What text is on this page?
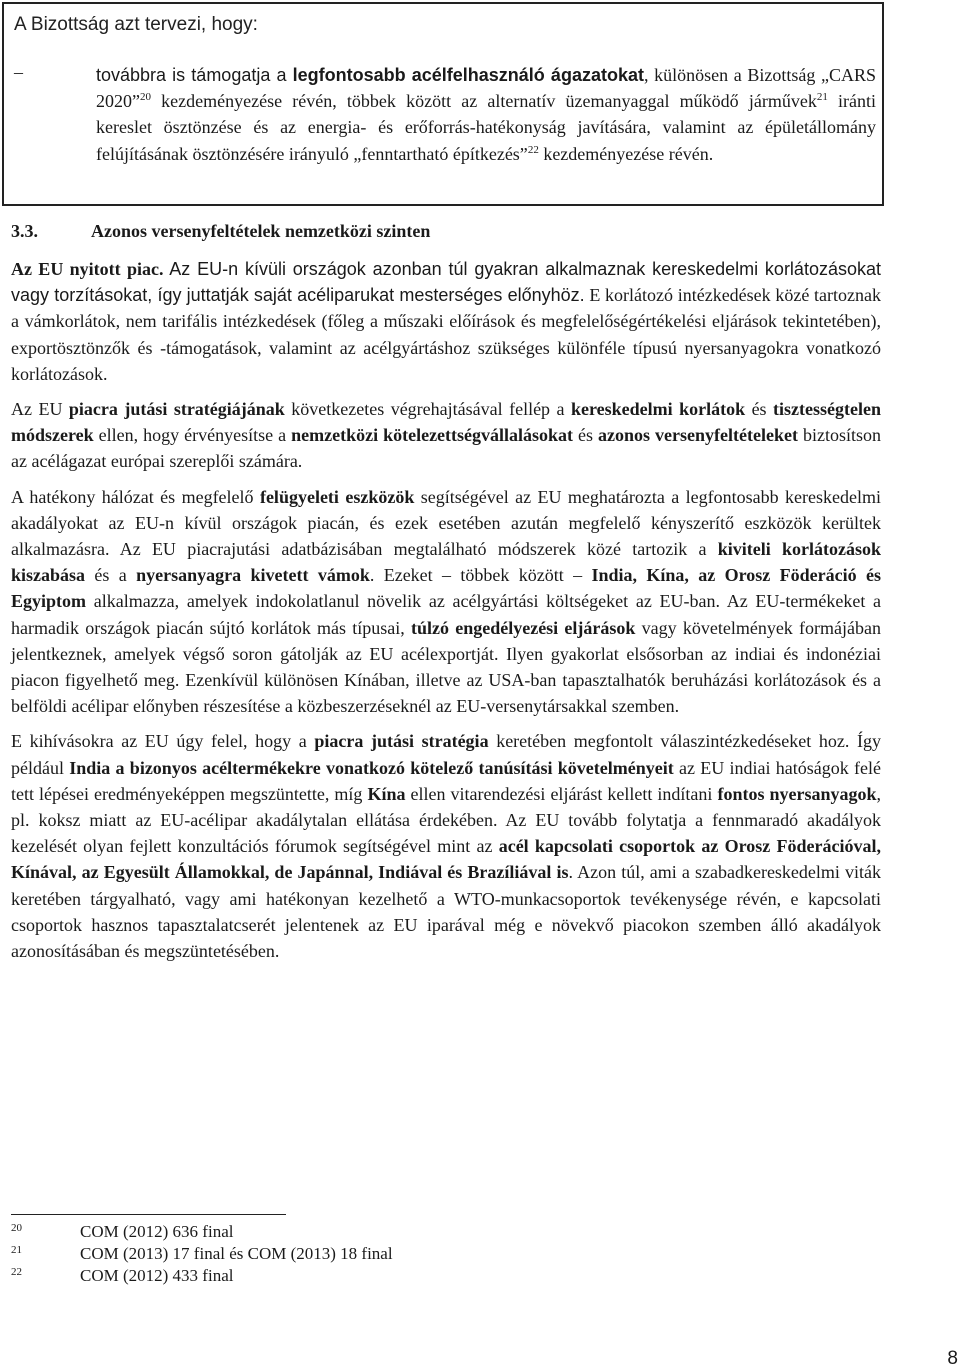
A Bizottság azt tervezi, hogy:
–	továbbra is támogatja a legfontosabb acélfelhasználó ágazatokat, különösen a Bizottság „CARS 2020”$^{20}$ kezdeményezése révén, többek között az alternatív üzemanyaggal működő járművek$^{21}$ iránti kereslet ösztönzése és az energia- és erőforrás-hatékonyság javítására, valamint az épületállomány felújításának ösztönzésére irányuló „fenntartható építkezés”$^{22}$ kezdeményezése révén.
3.3.	Azonos versenyfeltételek nemzetközi szinten

Az EU nyitott piac. Az EU-n kívüli országok azonban túl gyakran alkalmaznak kereskedelmi korlátozásokat vagy torzításokat, így juttatják saját acéliparukat mesterséges előnyhöz. E korlátozó intézkedések közé tartoznak a vámkorlátok, nem tarifális intézkedések (főleg a műszaki előírások és megfelelőségértékelési eljárások tekintetében), exportösztönzők és -támogatások, valamint az acélgyártáshoz szükséges különféle típusú nyersanyagokra vonatkozó korlátozások.

Az EU piacra jutási stratégiájának következetes végrehajtásával fellép a kereskedelmi korlátok és tisztességtelen módszerek ellen, hogy érvényesítse a nemzetközi kötelezettségvállalásokat és azonos versenyfeltételeket biztosítson az acélágazat európai szereplői számára.

A hatékony hálózat és megfelelő felügyeleti eszközök segítségével az EU meghatározta a legfontosabb kereskedelmi akadályokat az EU-n kívül országok piacán, és ezek esetében azután megfelelő kényszerítő eszközök kerültek alkalmazásra. Az EU piacrajutási adatbázisában megtalálható módszerek közé tartozik a kiviteli korlátozások kiszabása és a nyersanyagra kivetett vámok. Ezeket – többek között – India, Kína, az Orosz Föderáció és Egyiptom alkalmazza, amelyek indokolatlanul növelik az acélgyártási költségeket az EU-ban. Az EU-termékeket a harmadik országok piacán sújtó korlátok más típusai, túlzó engedélyezési eljárások vagy követelmények formájában jelentkeznek, amelyek végső soron gátolják az EU acélexportját. Ilyen gyakorlat elsősorban az indiai és indonéziai piacon figyelhető meg. Ezenkívül különösen Kínában, illetve az USA-ban tapasztalhatók beruházási korlátozások és a belföldi acélipar előnyben részesítése a közbeszerzéseknél az EU-versenytársakkal szemben.

E kihívásokra az EU úgy felel, hogy a piacra jutási stratégia keretében megfontolt válaszintézkedéseket hoz. Így például India a bizonyos acéltermékekre vonatkozó kötelező tanúsítási követelményeit az EU indiai hatóságok felé tett lépései eredményeképpen megszüntette, míg Kína ellen vitarendezési eljárást kellett indítani fontos nyersanyagok, pl. koksz miatt az EU-acélipar akadálytalan ellátása érdekében. Az EU tovább folytatja a fennmaradó akadályok kezelését olyan fejlett konzultációs fórumok segítségével mint az acél kapcsolati csoportok az Orosz Föderációval, Kínával, az Egyesült Államokkal, de Japánnal, Indiával és Brazíliával is. Azon túl, ami a szabadkereskedelmi viták keretében tárgyalható, vagy ami hatékonyan kezelhető a WTO-munkacsoportok tevékenysége révén, e kapcsolati csoportok hasznos tapasztalatcserét jelentenek az EU iparával még e növekvő piacokon szemben álló akadályok azonosításában és megszüntetésében.

20	COM (2012) 636 final
21	COM (2013) 17 final és COM (2013) 18 final
22	COM (2012) 433 final
8
